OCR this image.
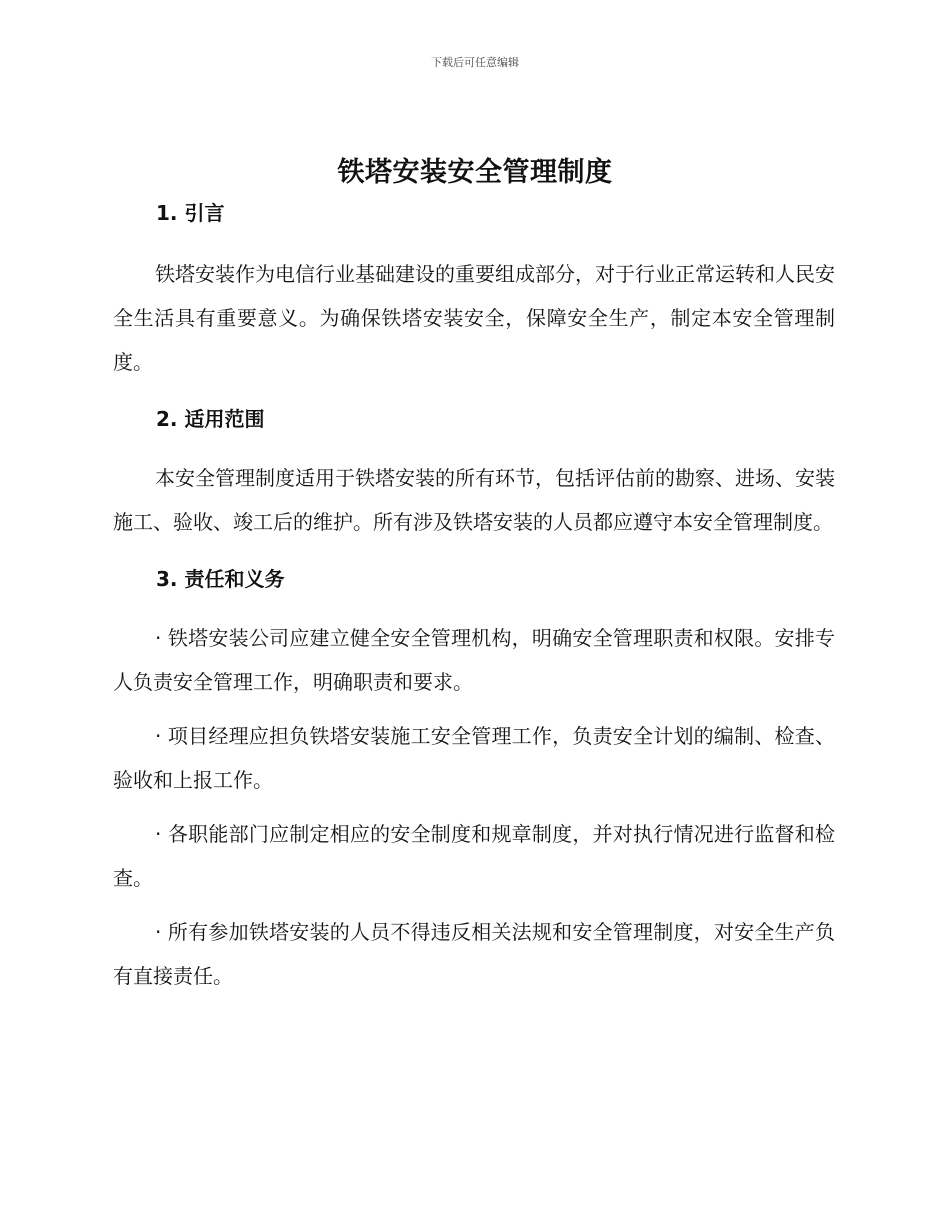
下载后可任意编辑
铁塔安装安全管理制度
1. 引言

铁塔安装作为电信行业基础建设的重要组成部分，对于行业正常运转和人民安全生活具有重要意义。为确保铁塔安装安全，保障安全生产，制定本安全管理制度。

2. 适用范围

本安全管理制度适用于铁塔安装的所有环节，包括评估前的勘察、进场、安装施工、验收、竣工后的维护。所有涉及铁塔安装的人员都应遵守本安全管理制度。

3. 责任和义务

· 铁塔安装公司应建立健全安全管理机构，明确安全管理职责和权限。安排专人负责安全管理工作，明确职责和要求。

· 项目经理应担负铁塔安装施工安全管理工作，负责安全计划的编制、检查、验收和上报工作。

· 各职能部门应制定相应的安全制度和规章制度，并对执行情况进行监督和检查。

· 所有参加铁塔安装的人员不得违反相关法规和安全管理制度，对安全生产负有直接责任。
